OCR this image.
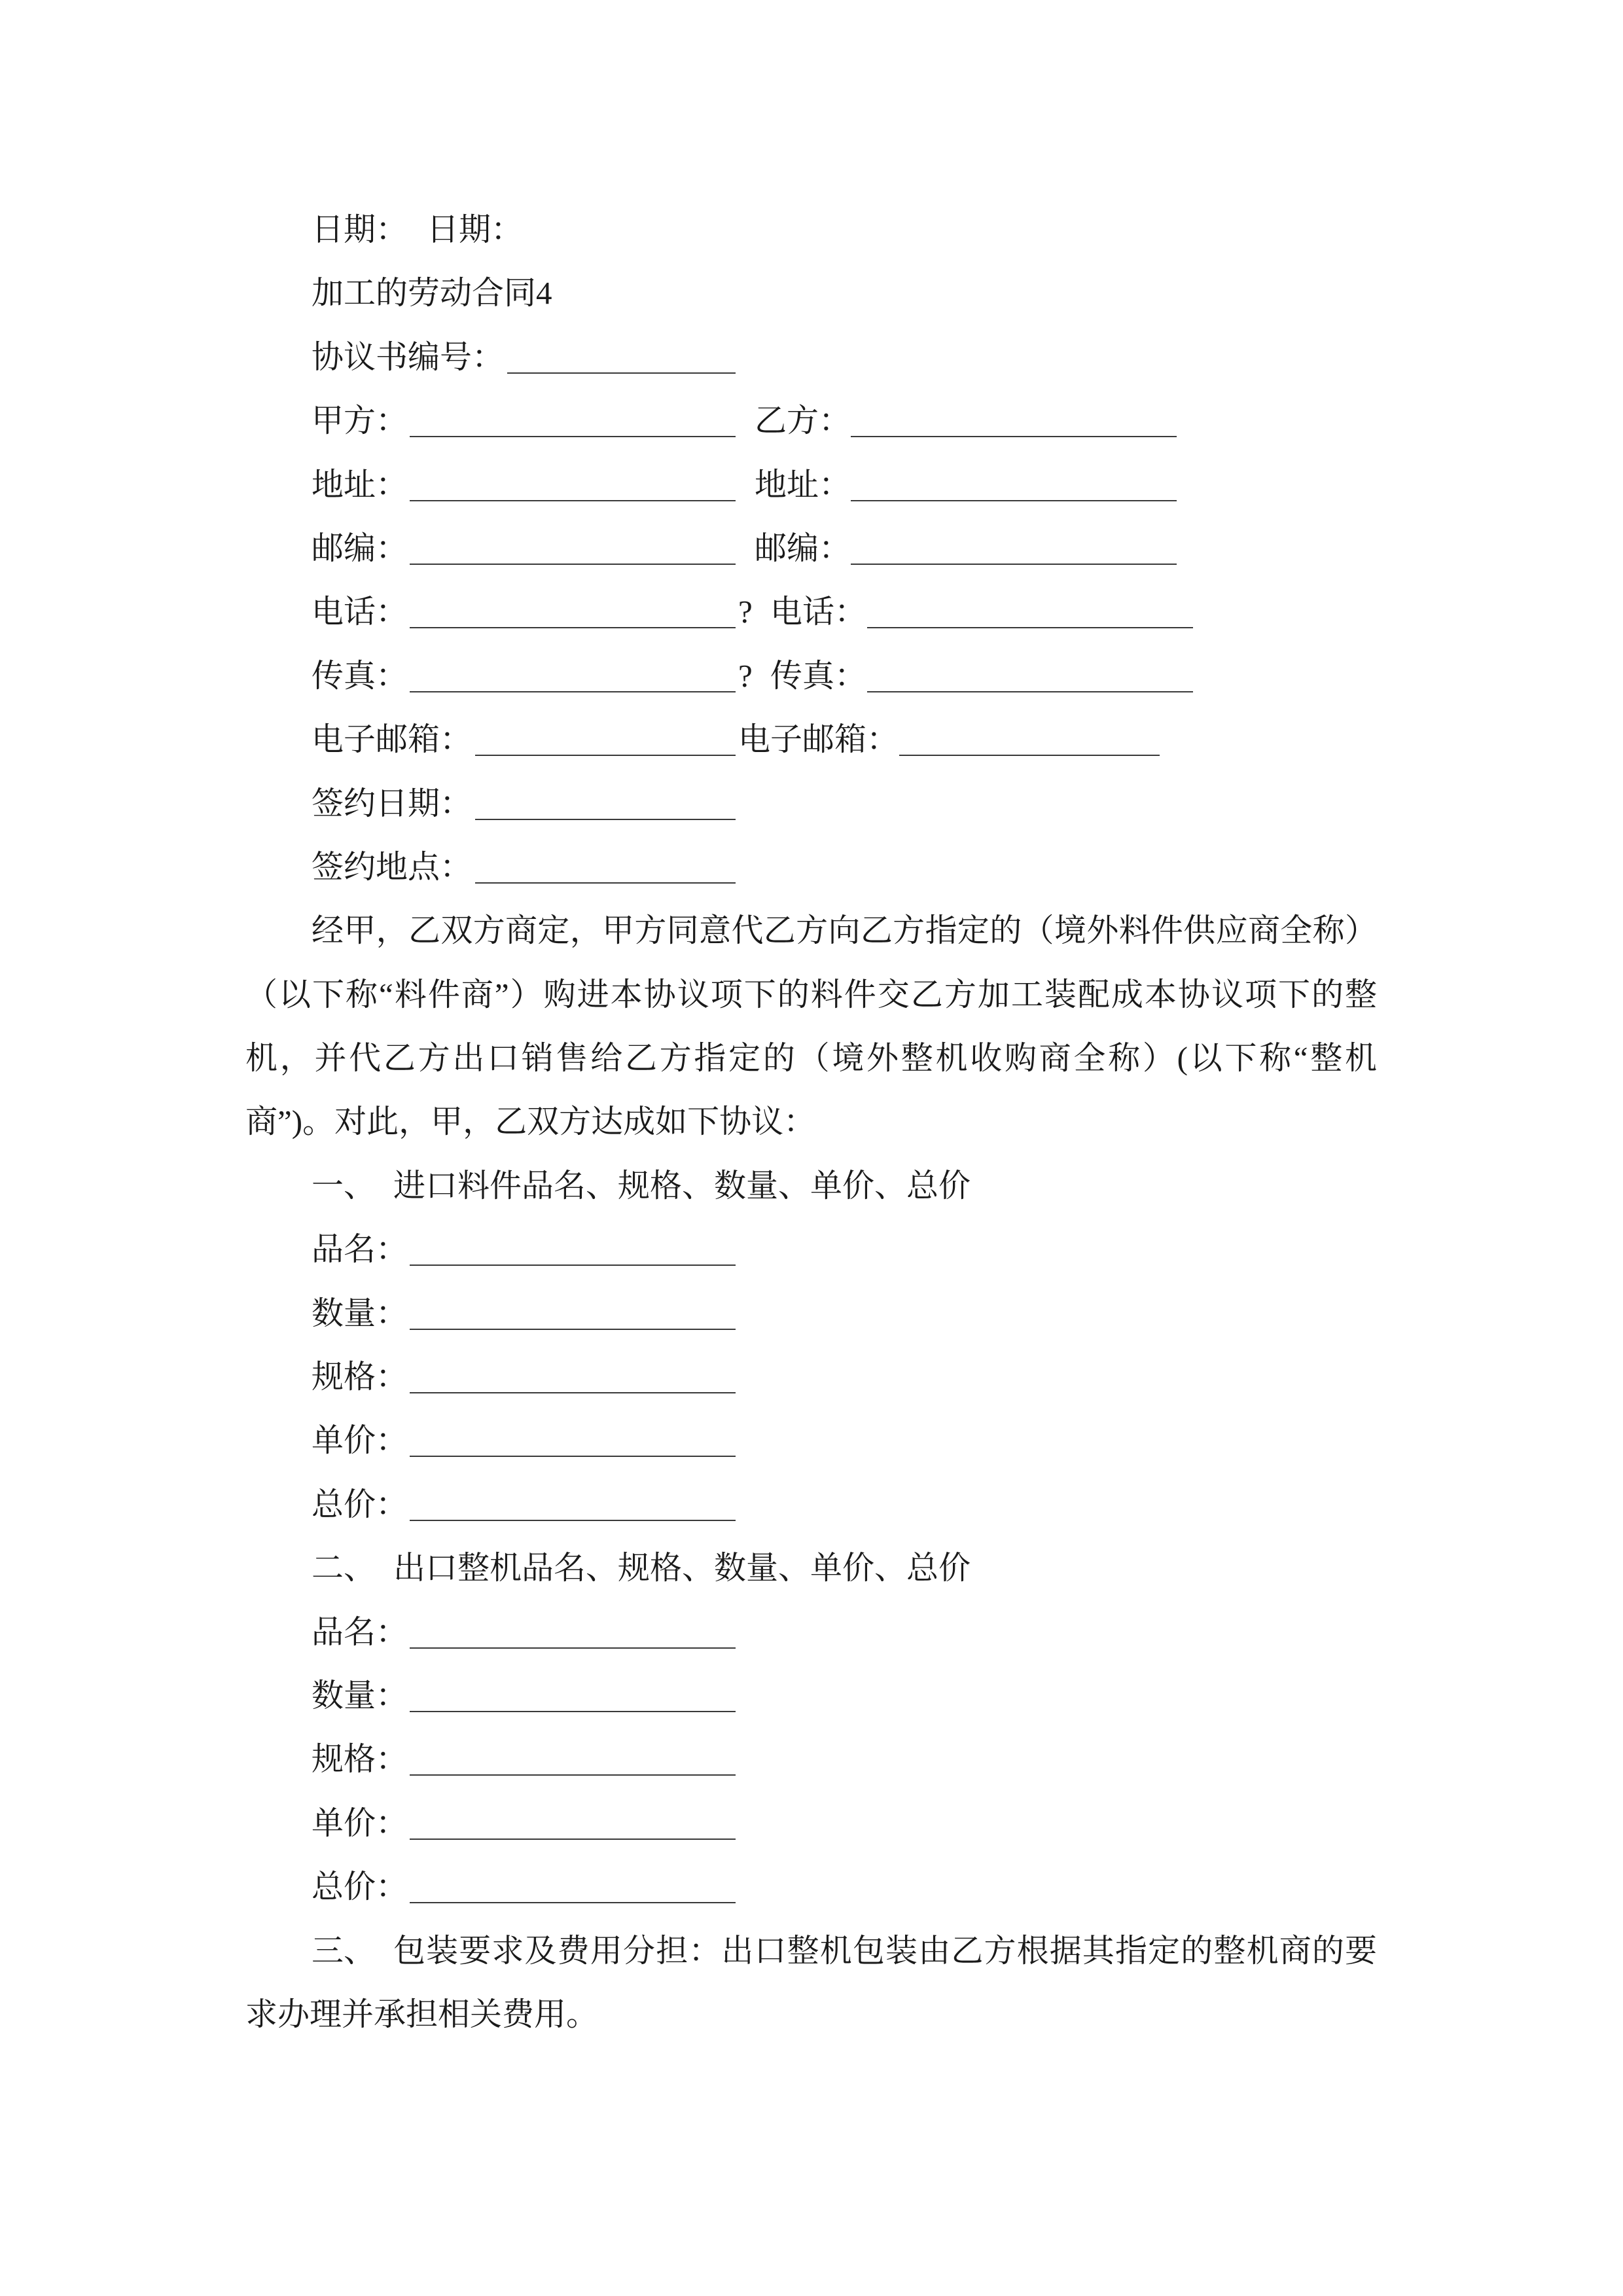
日期： 日期：
加工的劳动合同4
协议书编号：
甲方：	乙方：
地址：	地址：
邮编：	邮编：
电话：	? 电话：
传真：	? 传真：
电子邮箱：	电子邮箱：
签约日期：
签约地点：
经甲，乙双方商定，甲方同意代乙方向乙方指定的（境外料件供应商全称）
（以下称“料件商”）购进本协议项下的料件交乙方加工装配成本协议项下的整
机，并代乙方出口销售给乙方指定的（境外整机收购商全称）(以下称“整机
商”)。对此，甲，乙双方达成如下协议：
一、 进口料件品名、规格、数量、单价、总价
品名：
数量：
规格：
单价：
总价：
二、 出口整机品名、规格、数量、单价、总价
品名：
数量：
规格：
单价：
总价：
三、 包装要求及费用分担：出口整机包装由乙方根据其指定的整机商的要
求办理并承担相关费用。
